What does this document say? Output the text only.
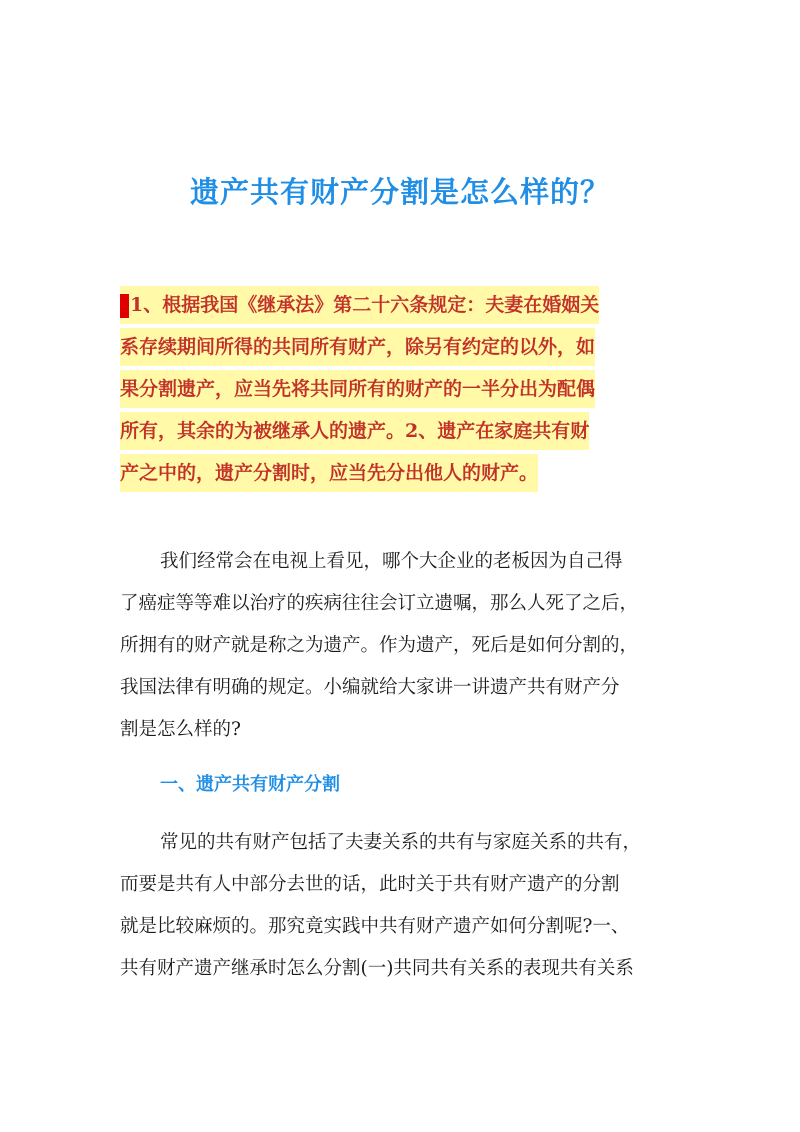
遗产共有财产分割是怎么样的？
1、根据我国《继承法》第二十六条规定：夫妻在婚姻关
系存续期间所得的共同所有财产，除另有约定的以外，如
果分割遗产，应当先将共同所有的财产的一半分出为配偶
所有，其余的为被继承人的遗产。2、遗产在家庭共有财
产之中的，遗产分割时，应当先分出他人的财产。
我们经常会在电视上看见，哪个大企业的老板因为自己得
了癌症等等难以治疗的疾病往往会订立遗嘱，那么人死了之后，
所拥有的财产就是称之为遗产。作为遗产，死后是如何分割的，
我国法律有明确的规定。小编就给大家讲一讲遗产共有财产分
割是怎么样的?
一、遗产共有财产分割
常见的共有财产包括了夫妻关系的共有与家庭关系的共有，
而要是共有人中部分去世的话，此时关于共有财产遗产的分割
就是比较麻烦的。那究竟实践中共有财产遗产如何分割呢?一、
共有财产遗产继承时怎么分割(一)共同共有关系的表现共有关系
